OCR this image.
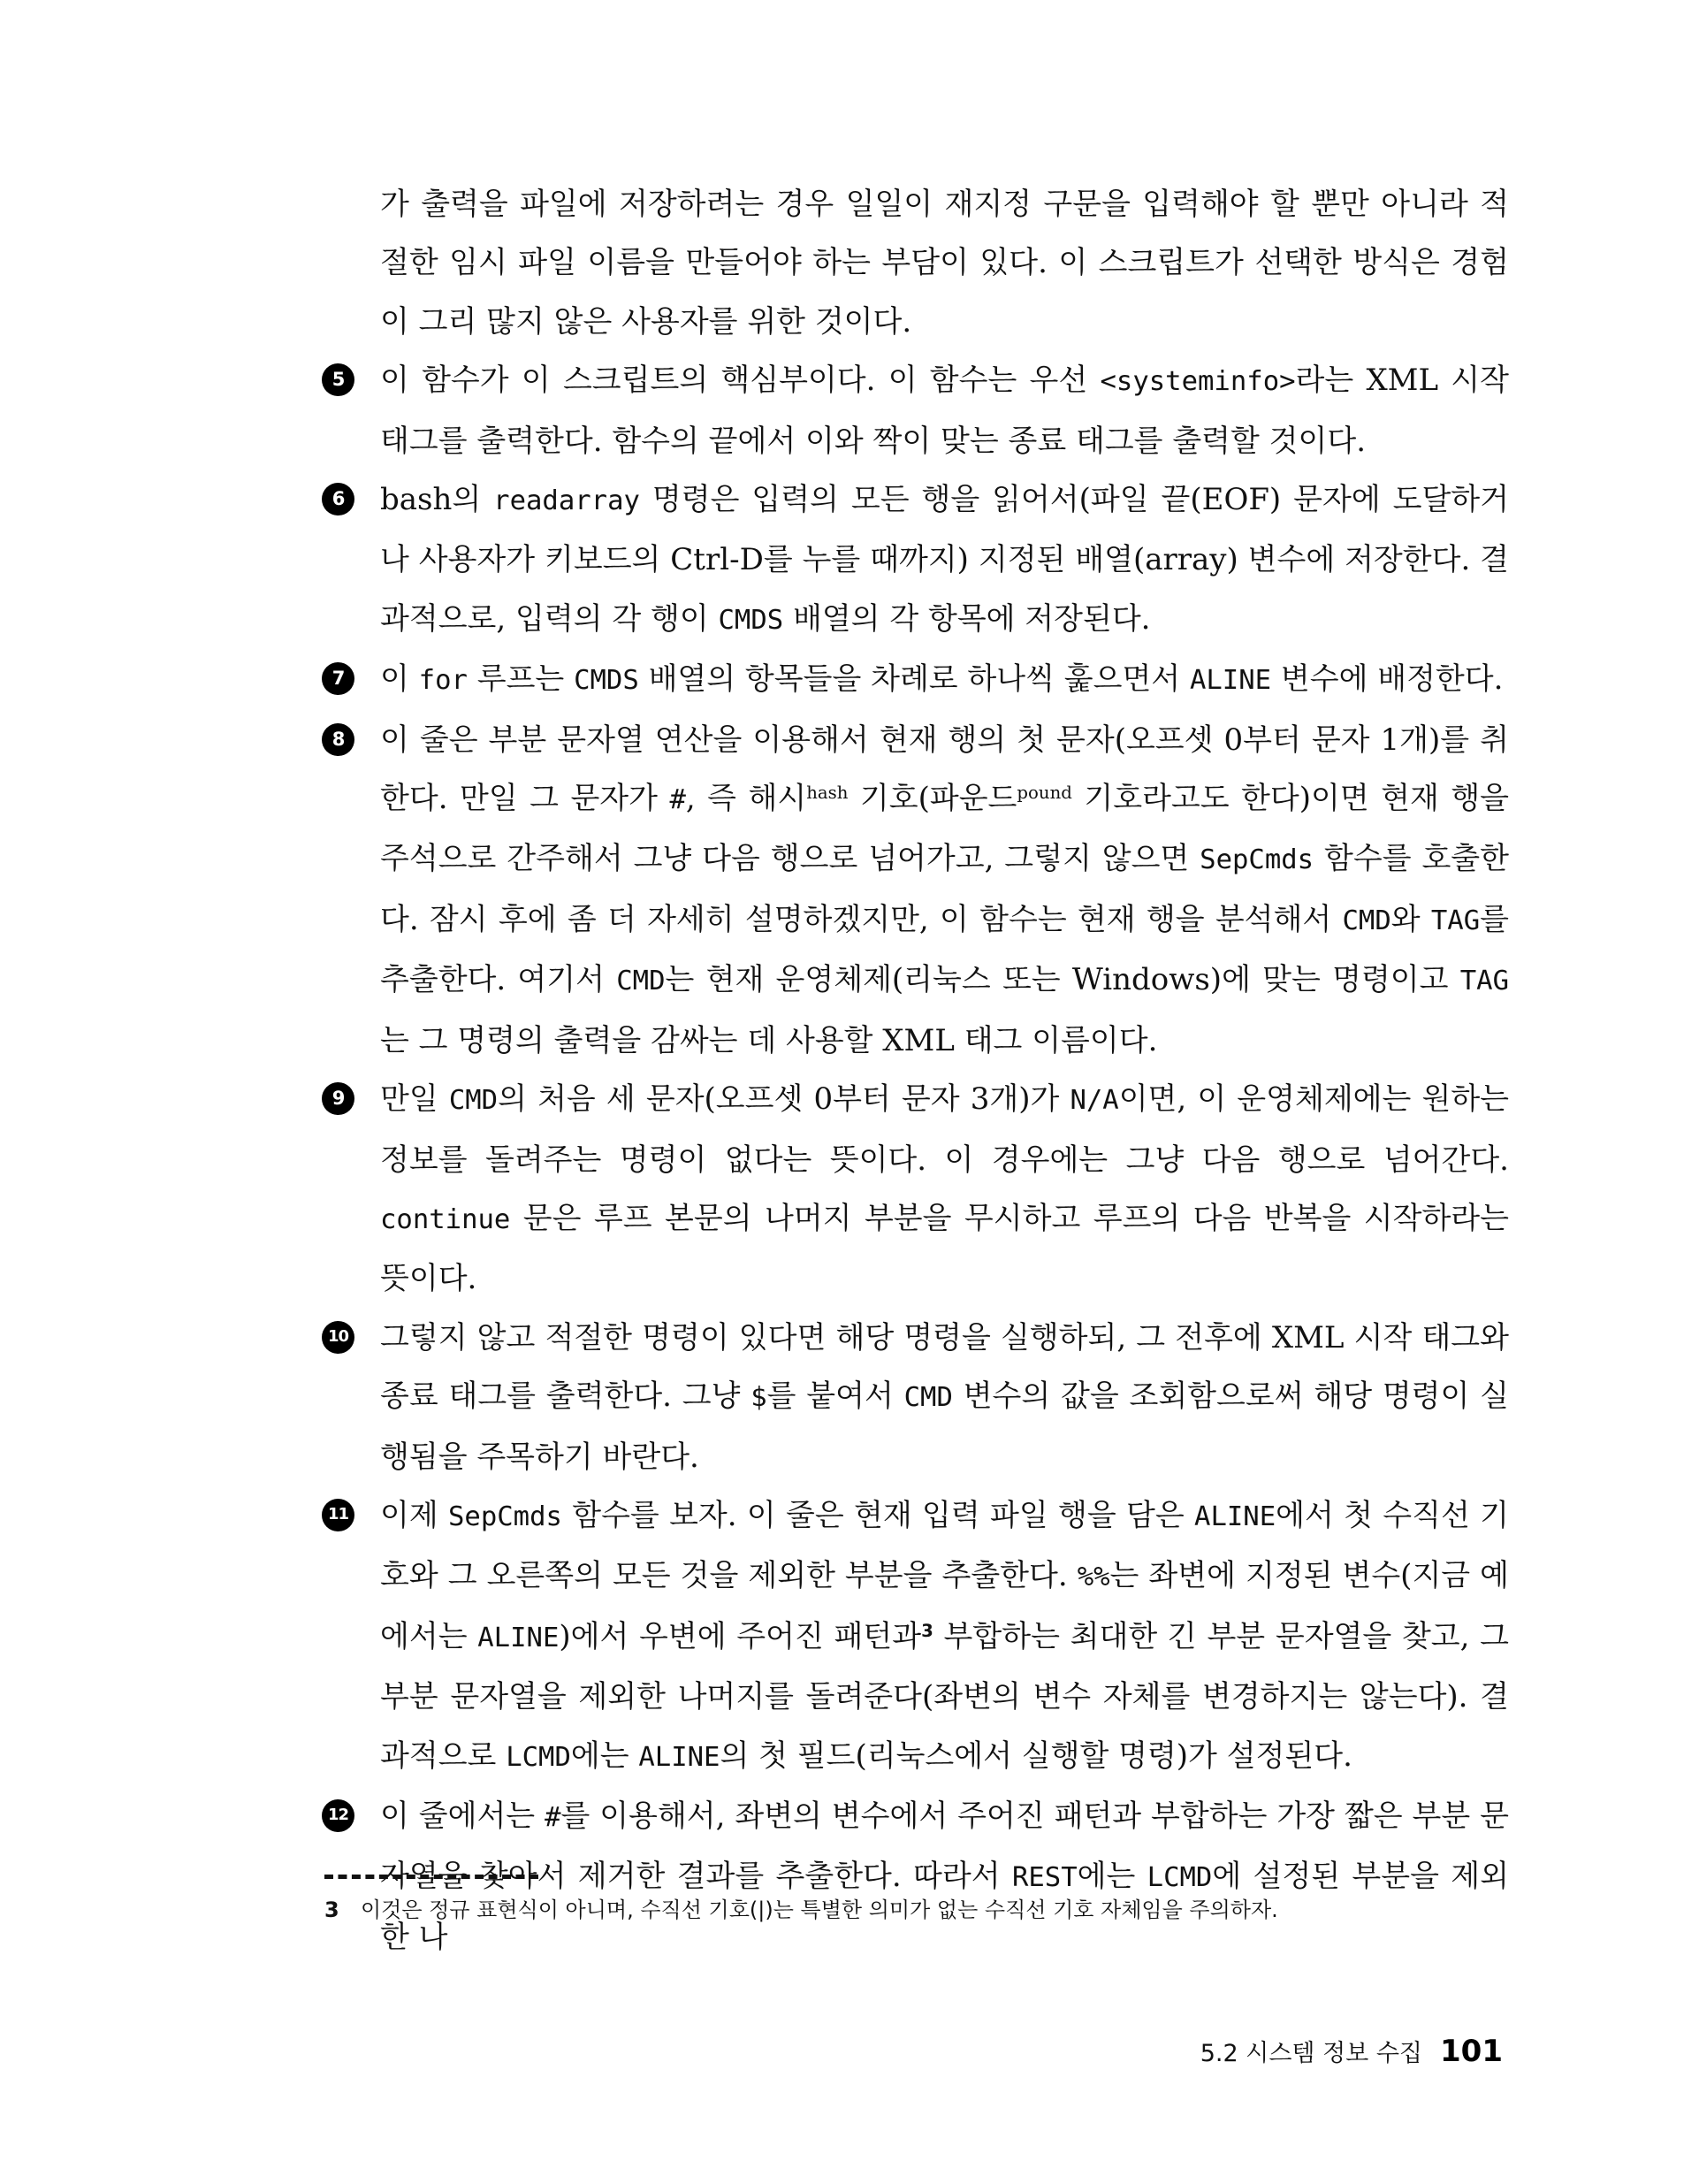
가 출력을 파일에 저장하려는 경우 일일이 재지정 구문을 입력해야 할 뿐만 아니라 적절한 임시 파일 이름을 만들어야 하는 부담이 있다. 이 스크립트가 선택한 방식은 경험이 그리 많지 않은 사용자를 위한 것이다.
5	이 함수가 이 스크립트의 핵심부이다. 이 함수는 우선 <systeminfo>라는 XML 시작 태그를 출력한다. 함수의 끝에서 이와 짝이 맞는 종료 태그를 출력할 것이다.
6	bash의 readarray 명령은 입력의 모든 행을 읽어서(파일 끝(EOF) 문자에 도달하거나 사용자가 키보드의 Ctrl-D를 누를 때까지) 지정된 배열(array) 변수에 저장한다. 결과적으로, 입력의 각 행이 CMDS 배열의 각 항목에 저장된다.
7	이 for 루프는 CMDS 배열의 항목들을 차례로 하나씩 훑으면서 ALINE 변수에 배정한다.
8	이 줄은 부분 문자열 연산을 이용해서 현재 행의 첫 문자(오프셋 0부터 문자 1개)를 취한다. 만일 그 문자가 #, 즉 해시$^{hash}$ 기호(파운드$^{pound}$ 기호라고도 한다)이면 현재 행을 주석으로 간주해서 그냥 다음 행으로 넘어가고, 그렇지 않으면 SepCmds 함수를 호출한다. 잠시 후에 좀 더 자세히 설명하겠지만, 이 함수는 현재 행을 분석해서 CMD와 TAG를 추출한다. 여기서 CMD는 현재 운영체제(리눅스 또는 Windows)에 맞는 명령이고 TAG는 그 명령의 출력을 감싸는 데 사용할 XML 태그 이름이다.
9	만일 CMD의 처음 세 문자(오프셋 0부터 문자 3개)가 N/A이면, 이 운영체제에는 원하는 정보를 돌려주는 명령이 없다는 뜻이다. 이 경우에는 그냥 다음 행으로 넘어간다. continue 문은 루프 본문의 나머지 부분을 무시하고 루프의 다음 반복을 시작하라는 뜻이다.
10 그렇지 않고 적절한 명령이 있다면 해당 명령을 실행하되, 그 전후에 XML 시작 태그와 종료 태그를 출력한다. 그냥 $를 붙여서 CMD 변수의 값을 조회함으로써 해당 명령이 실행됨을 주목하기 바란다.
11 이제 SepCmds 함수를 보자. 이 줄은 현재 입력 파일 행을 담은 ALINE에서 첫 수직선 기호와 그 오른쪽의 모든 것을 제외한 부분을 추출한다. %%는 좌변에 지정된 변수(지금 예에서는 ALINE)에서 우변에 주어진 패턴과$^3$ 부합하는 최대한 긴 부분 문자열을 찾고, 그 부분 문자열을 제외한 나머지를 돌려준다(좌변의 변수 자체를 변경하지는 않는다). 결과적으로 LCMD에는 ALINE의 첫 필드(리눅스에서 실행할 명령)가 설정된다.
12 이 줄에서는 #를 이용해서, 좌변의 변수에서 주어진 패턴과 부합하는 가장 짧은 부분 문자열을 찾아서 제거한 결과를 추출한다. 따라서 REST에는 LCMD에 설정된 부분을 제외한 나
3 이것은 정규 표현식이 아니며, 수직선 기호(|)는 특별한 의미가 없는 수직선 기호 자체임을 주의하자.
5.2 시스템 정보 수집 101
